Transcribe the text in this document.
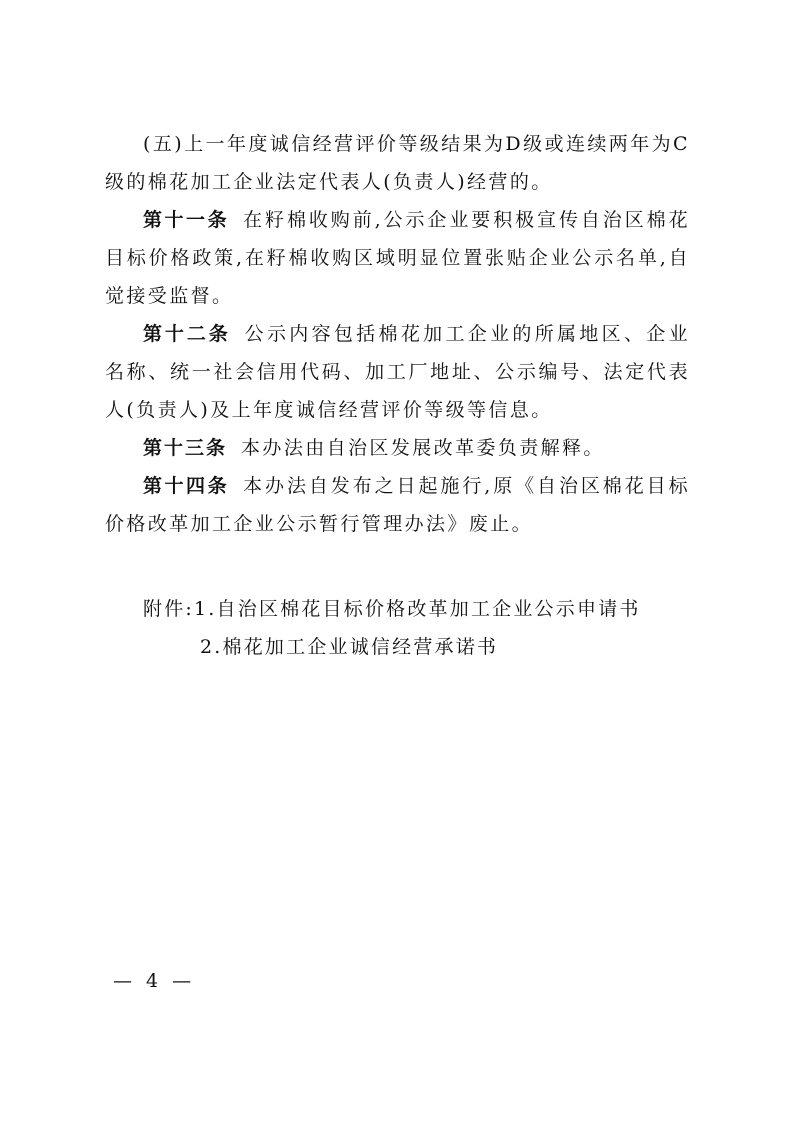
(五)上一年度诚信经营评价等级结果为D级或连续两年为C级的棉花加工企业法定代表人(负责人)经营的。

第十一条 在籽棉收购前,公示企业要积极宣传自治区棉花目标价格政策,在籽棉收购区域明显位置张贴企业公示名单,自觉接受监督。

第十二条 公示内容包括棉花加工企业的所属地区、企业名称、统一社会信用代码、加工厂地址、公示编号、法定代表人(负责人)及上年度诚信经营评价等级等信息。

第十三条 本办法由自治区发展改革委负责解释。

第十四条 本办法自发布之日起施行,原《自治区棉花目标价格改革加工企业公示暂行管理办法》废止。

附件:1.自治区棉花目标价格改革加工企业公示申请书
2.棉花加工企业诚信经营承诺书
— 4 —
